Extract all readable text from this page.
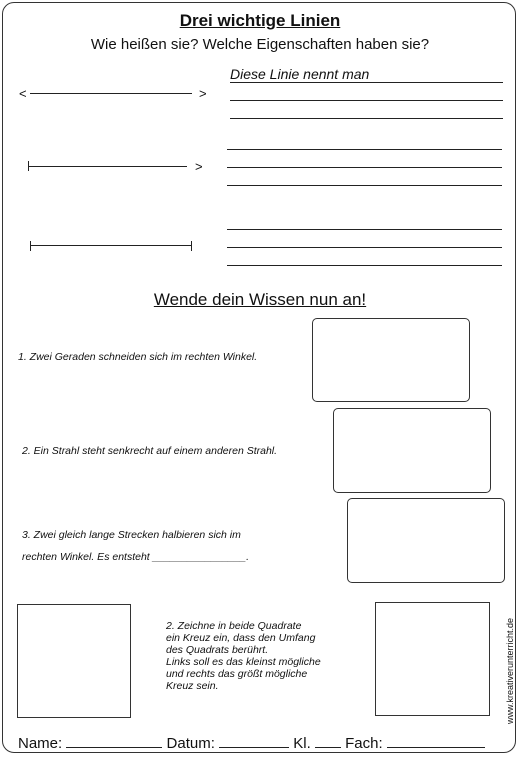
Drei wichtige Linien
Wie heißen sie? Welche Eigenschaften haben sie?
<	>
Diese Linie nennt man
>
Wende dein Wissen nun an!
1. Zwei Geraden schneiden sich im rechten Winkel.
2. Ein Strahl steht senkrecht auf einem anderen Strahl.
3. Zwei gleich lange Strecken halbieren sich im
rechten Winkel. Es entsteht ________________.
2. Zeichne in beide Quadrate
ein Kreuz ein, dass den Umfang
des Quadrats berührt.
Links soll es das kleinst mögliche
und rechts das größt mögliche
Kreuz sein.	www.kreativerunterricht.de
Name:	Datum:	Kl. Fach:
